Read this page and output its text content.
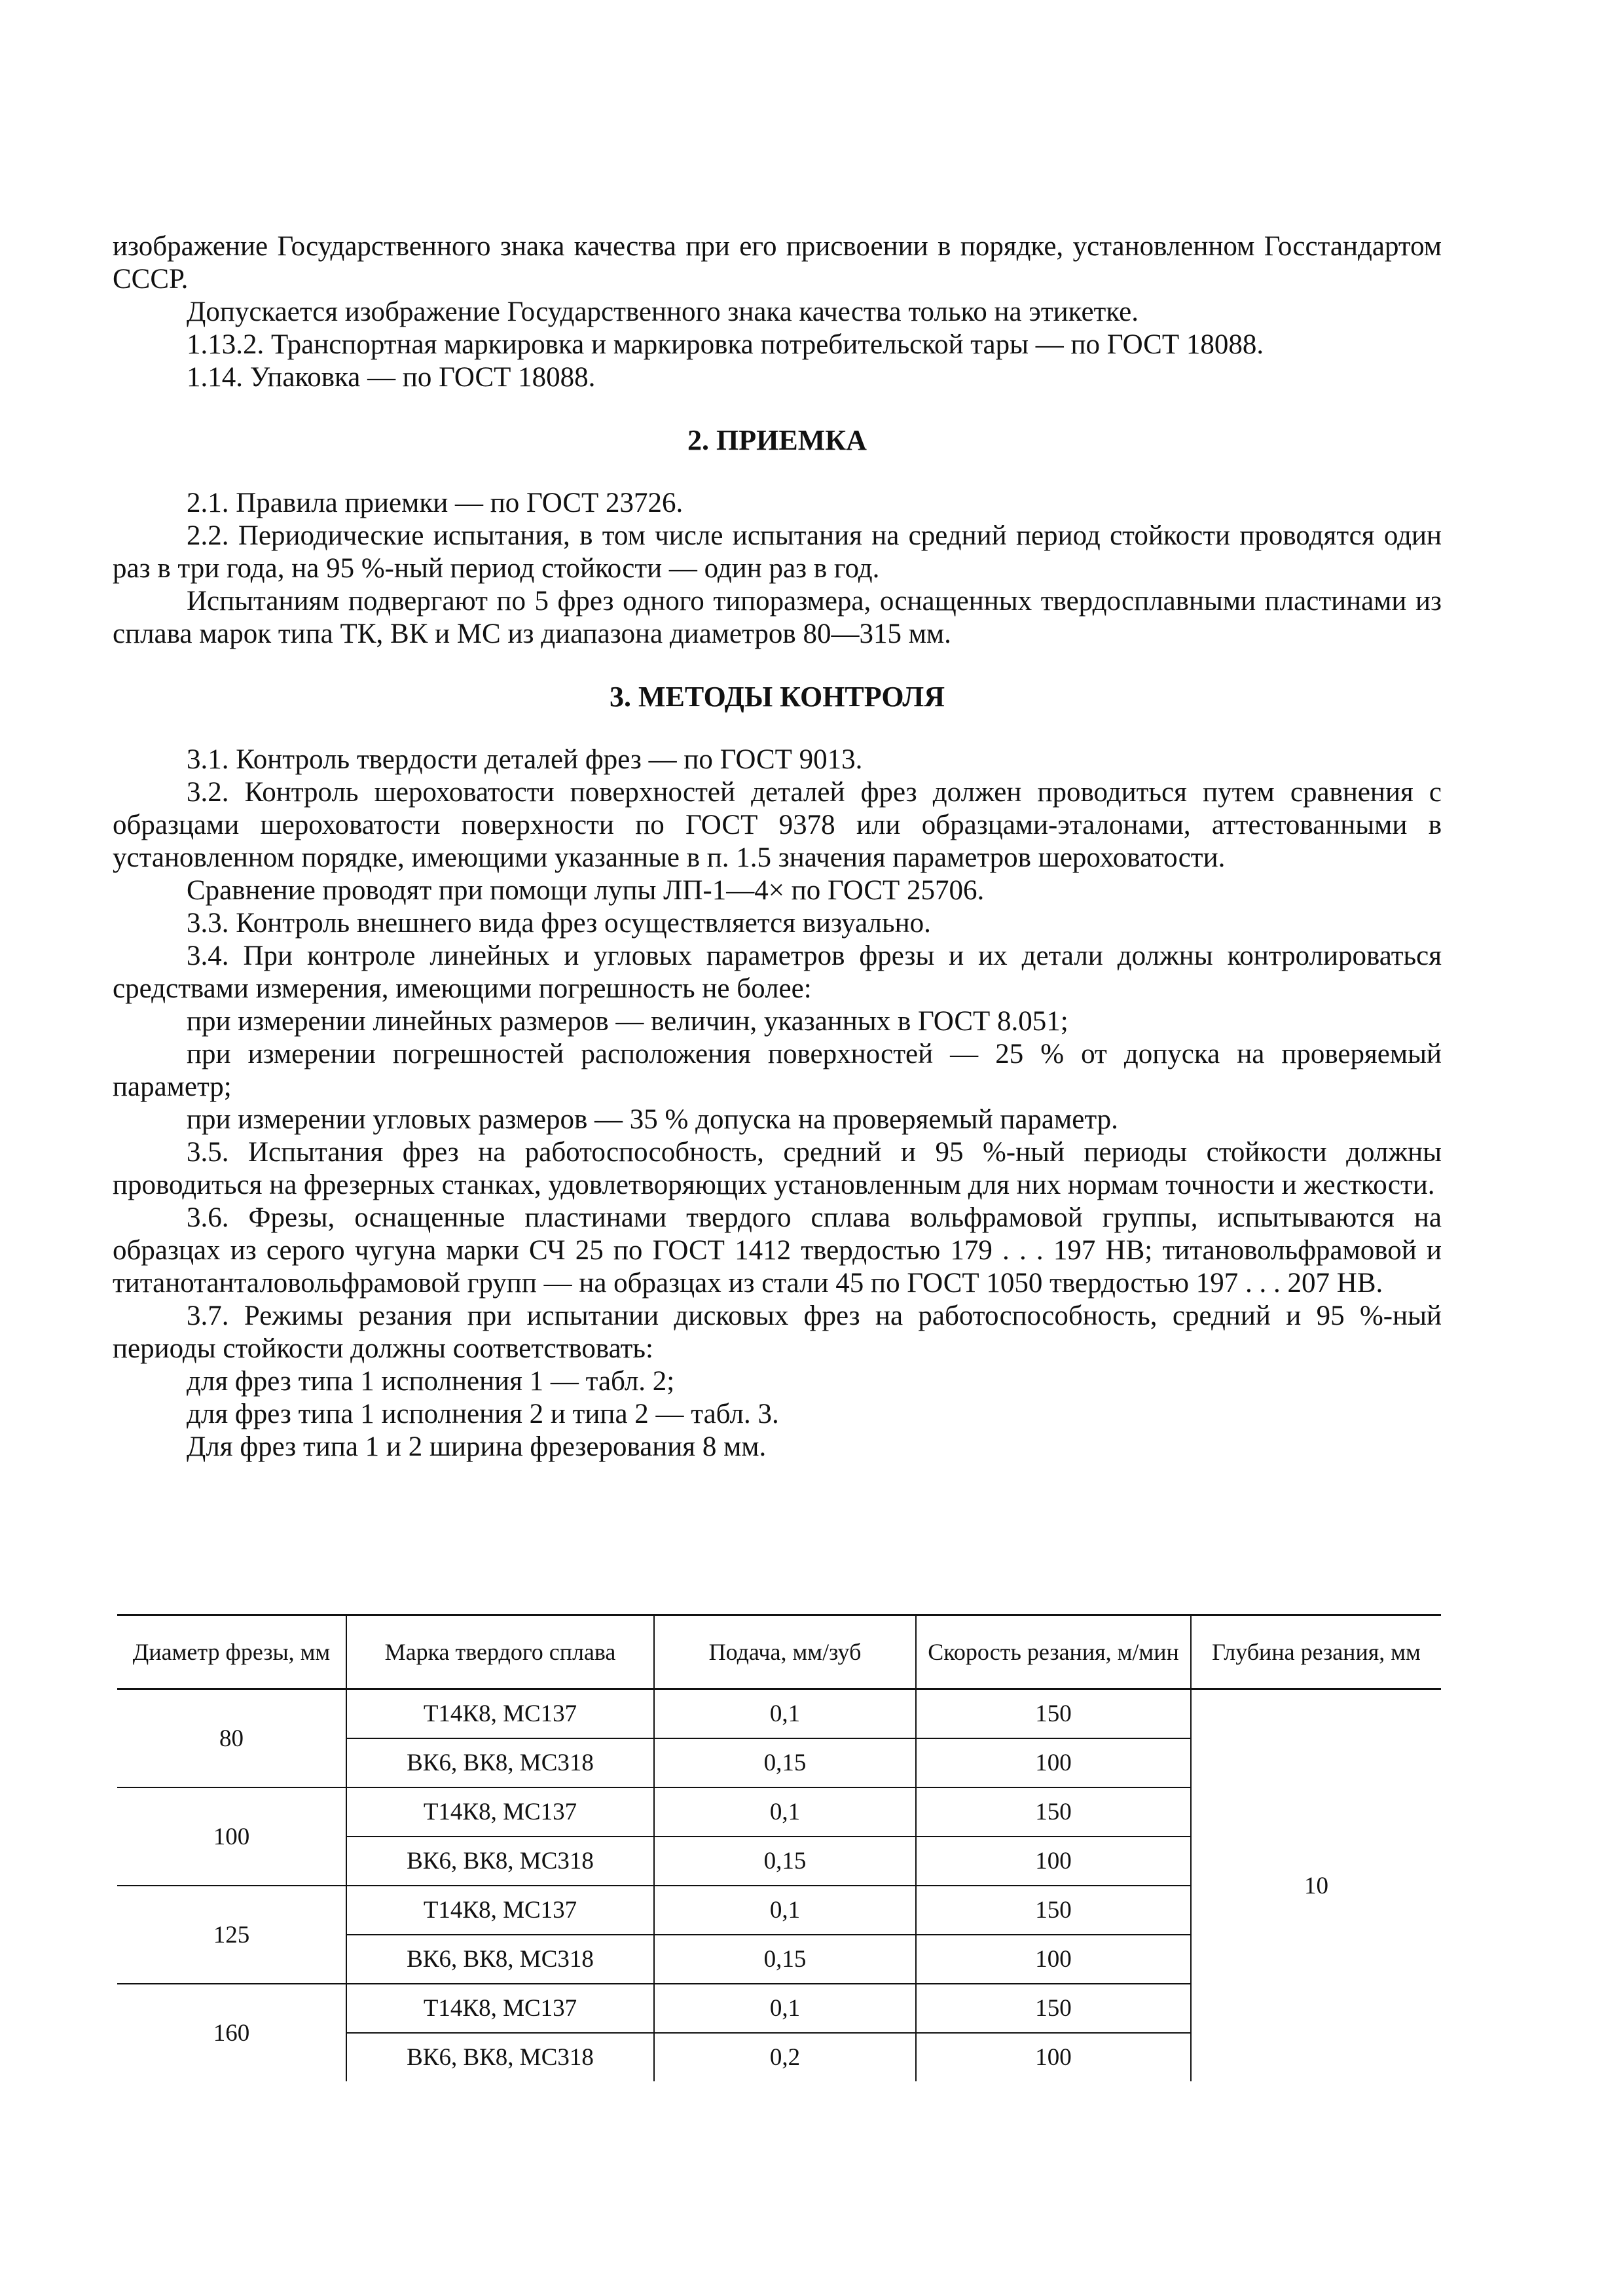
изображение Государственного знака качества при его присвоении в порядке, установленном Госстандартом СССР.

Допускается изображение Государственного знака качества только на этикетке.

1.13.2. Транспортная маркировка и маркировка потребительской тары — по ГОСТ 18088.

1.14. Упаковка — по ГОСТ 18088.

2. ПРИЕМКА

2.1. Правила приемки — по ГОСТ 23726.

2.2. Периодические испытания, в том числе испытания на средний период стойкости проводятся один раз в три года, на 95 %-ный период стойкости — один раз в год.

Испытаниям подвергают по 5 фрез одного типоразмера, оснащенных твердосплавными пластинами из сплава марок типа ТК, ВК и МС из диапазона диаметров 80—315 мм.

3. МЕТОДЫ КОНТРОЛЯ

3.1. Контроль твердости деталей фрез — по ГОСТ 9013.

3.2. Контроль шероховатости поверхностей деталей фрез должен проводиться путем сравнения с образцами шероховатости поверхности по ГОСТ 9378 или образцами-эталонами, аттестованными в установленном порядке, имеющими указанные в п. 1.5 значения параметров шероховатости.

Сравнение проводят при помощи лупы ЛП-1—4× по ГОСТ 25706.

3.3. Контроль внешнего вида фрез осуществляется визуально.

3.4. При контроле линейных и угловых параметров фрезы и их детали должны контролироваться средствами измерения, имеющими погрешность не более:

при измерении линейных размеров — величин, указанных в ГОСТ 8.051;

при измерении погрешностей расположения поверхностей — 25 % от допуска на проверяемый параметр;

при измерении угловых размеров — 35 % допуска на проверяемый параметр.

3.5. Испытания фрез на работоспособность, средний и 95 %-ный периоды стойкости должны проводиться на фрезерных станках, удовлетворяющих установленным для них нормам точности и жесткости.

3.6. Фрезы, оснащенные пластинами твердого сплава вольфрамовой группы, испытываются на образцах из серого чугуна марки СЧ 25 по ГОСТ 1412 твердостью 179 . . . 197 НВ; титановольфрамовой и титанотанталовольфрамовой групп — на образцах из стали 45 по ГОСТ 1050 твердостью 197 . . . 207 НВ.

3.7. Режимы резания при испытании дисковых фрез на работоспособность, средний и 95 %-ный периоды стойкости должны соответствовать:

для фрез типа 1 исполнения 1 — табл. 2;

для фрез типа 1 исполнения 2 и типа 2 — табл. 3.

Для фрез типа 1 и 2 ширина фрезерования 8 мм.

Диаметр фрезы, мм	Марка твердого сплава	Подача, мм/зуб	Скорость резания, м/мин	Глубина резания, мм
80	Т14К8, МС137	0,1	150	10
	ВК6, ВК8, МС318	0,15	100	
100	Т14К8, МС137	0,1	150	
	ВК6, ВК8, МС318	0,15	100	
125	Т14К8, МС137	0,1	150	
	ВК6, ВК8, МС318	0,15	100	
160	Т14К8, МС137	0,1	150	
	ВК6, ВК8, МС318	0,2	100	
